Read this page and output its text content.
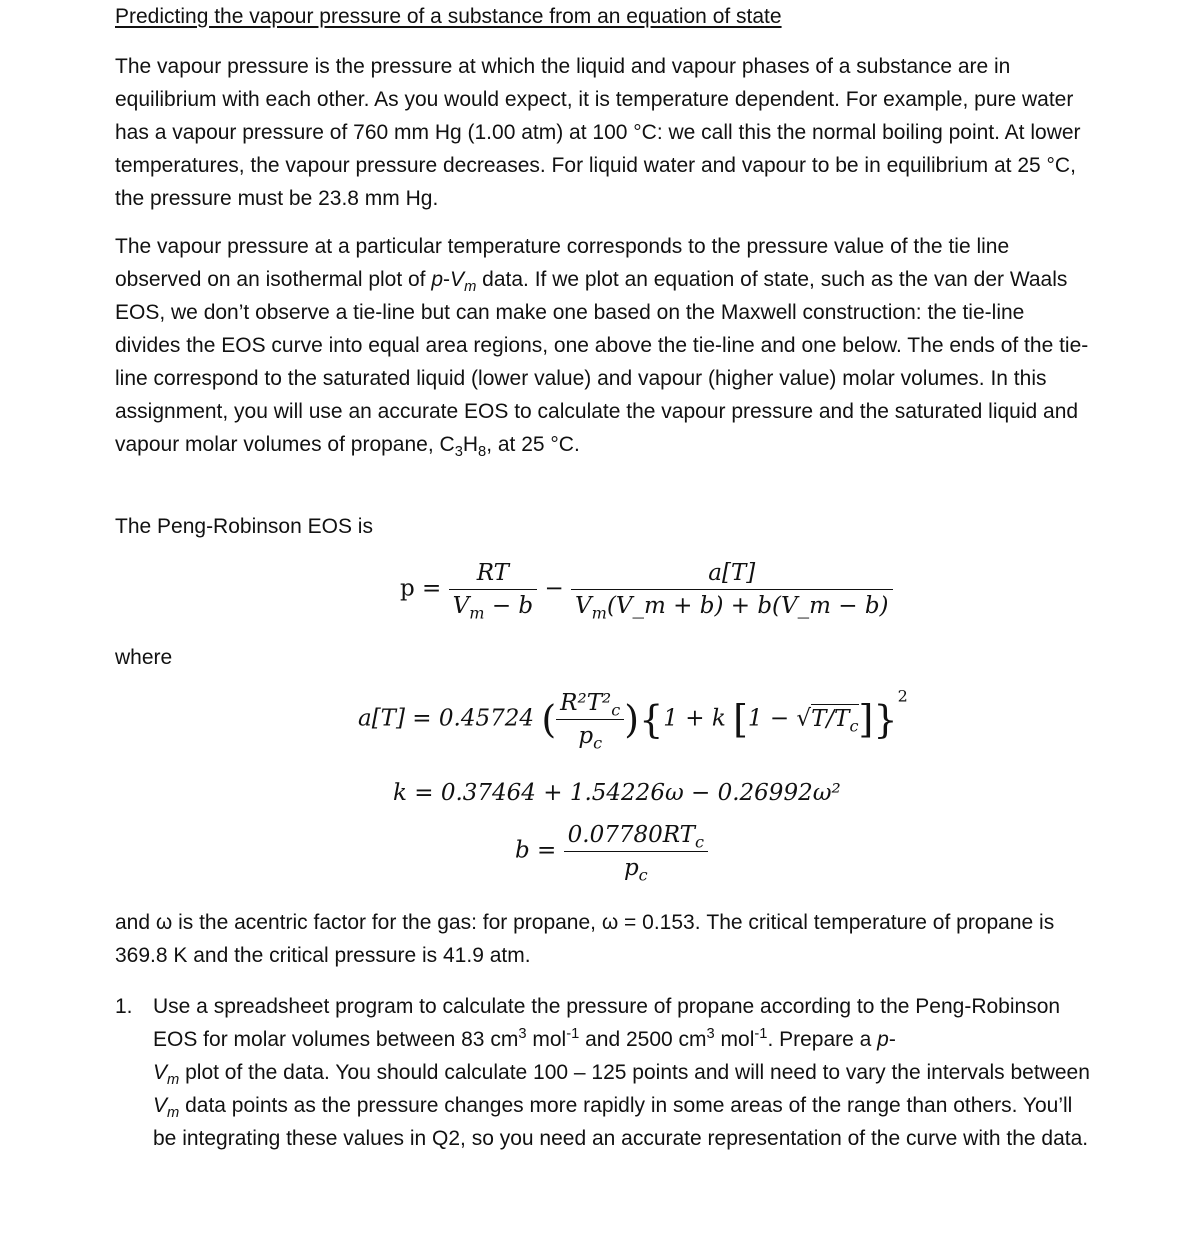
Predicting the vapour pressure of a substance from an equation of state

The vapour pressure is the pressure at which the liquid and vapour phases of a substance are in equilibrium with each other. As you would expect, it is temperature dependent. For example, pure water has a vapour pressure of 760 mm Hg (1.00 atm) at 100 °C: we call this the normal boiling point. At lower temperatures, the vapour pressure decreases. For liquid water and vapour to be in equilibrium at 25 °C, the pressure must be 23.8 mm Hg.

The vapour pressure at a particular temperature corresponds to the pressure value of the tie line observed on an isothermal plot of $p-V_m$ data. If we plot an equation of state, such as the van der Waals EOS, we don’t observe a tie-line but can make one based on the Maxwell construction: the tie-line divides the EOS curve into equal area regions, one above the tie-line and one below. The ends of the tie-line correspond to the saturated liquid (lower value) and vapour (higher value) molar volumes. In this assignment, you will use an accurate EOS to calculate the vapour pressure and the saturated liquid and vapour molar volumes of propane, $C_3H_8$, at 25 °C.

The Peng-Robinson EOS is

where

and ω is the acentric factor for the gas: for propane, ω = 0.153. The critical temperature of propane is 369.8 K and the critical pressure is 41.9 atm.

1. Use a spreadsheet program to calculate the pressure of propane according to the Peng-Robinson EOS for molar volumes between 83 $cm^3$ mol$^{-1}$ and 2500 $cm^3$ mol$^{-1}$. Prepare a p-
$V_m$ plot of the data. You should calculate 100 – 125 points and will need to vary the intervals between $V_m$ data points as the pressure changes more rapidly in some areas of the range than others. You’ll be integrating these values in Q2, so you need an accurate representation of the curve with the data.

$p = \frac{RT}{V_m - b} - \frac{a[T]}{V_m(V\_m + b) + b(V\_m - b)}$
a[T] = 0.45724 ( $\frac{R^2T^2_c}{p_c} )\{1 + k$ $[1 - √T/T_c]\}^2$
k = 0.37464 + 1.54226ω − 0.26992ω²
$b = \frac{0.07780RT_c}{p_c}$
